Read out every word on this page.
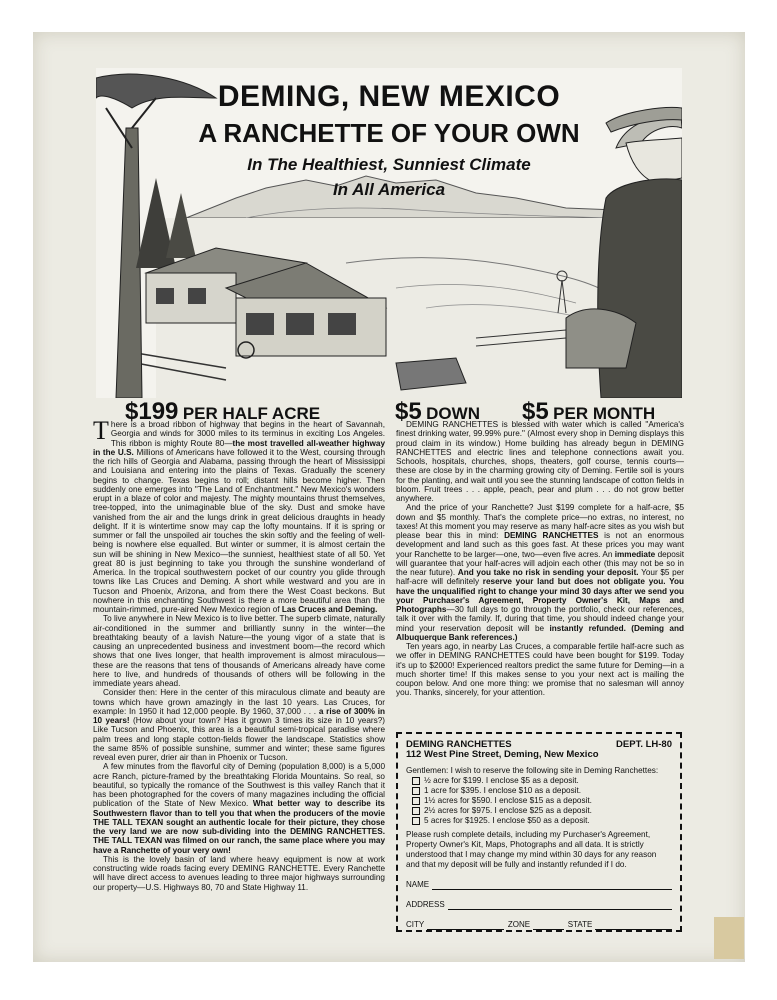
DEMING, NEW MEXICO
A RANCHETTE OF YOUR OWN
In The Healthiest, Sunniest Climate
In All America
$199 PER HALF ACRE	$5 DOWN $5 PER MONTH

There is a broad ribbon of highway that begins in the heart of Savannah, Georgia and winds for 3000 miles to its terminus in exciting Los Angeles. This ribbon is mighty Route 80—the most travelled all-weather highway in the U.S. Millions of Americans have followed it to the West, coursing through the rich hills of Georgia and Alabama, passing through the heart of Mississippi and Louisiana and entering into the plains of Texas. Gradually the scenery begins to change. Texas begins to roll; distant hills become higher. Then suddenly one emerges into "The Land of Enchantment." New Mexico's wonders erupt in a blaze of color and majesty. The mighty mountains thrust themselves, tree-topped, into the unimaginable blue of the sky. Dust and smoke have vanished from the air and the lungs drink in great delicious draughts in heady delight. If it is wintertime snow may cap the lofty mountains. If it is spring or summer or fall the unspoiled air touches the skin softly and the feeling of well-being is nowhere else equalled. But winter or summer, it is almost certain the sun will be shining in New Mexico—the sunniest, healthiest state of all 50. Yet great 80 is just beginning to take you through the sunshine wonderland of America. In the tropical southwestern pocket of our country you glide through towns like Las Cruces and Deming. A short while westward and you are in Tucson and Phoenix, Arizona, and from there the West Coast beckons. But nowhere in this enchanting Southwest is there a more beautiful area than the mountain-rimmed, pure-aired New Mexico region of Las Cruces and Deming.

To live anywhere in New Mexico is to live better. The superb climate, naturally air-conditioned in the summer and brilliantly sunny in the winter—the breathtaking beauty of a lavish Nature—the young vigor of a state that is causing an unprecedented business and investment boom—the record which shows that one lives longer, that health improvement is almost miraculous—these are the reasons that tens of thousands of Americans already have come here to live, and hundreds of thousands of others will be following in the immediate years ahead.

Consider then: Here in the center of this miraculous climate and beauty are towns which have grown amazingly in the last 10 years. Las Cruces, for example: In 1950 it had 12,000 people. By 1960, 37,000 . . . a rise of 300% in 10 years! (How about your town? Has it grown 3 times its size in 10 years?) Like Tucson and Phoenix, this area is a beautiful semi-tropical paradise where palm trees and long staple cotton-fields flower the landscape. Statistics show the same 85% of possible sunshine, summer and winter; these same figures reveal even purer, drier air than in Phoenix or Tucson.

A few minutes from the flavorful city of Deming (population 8,000) is a 5,000 acre Ranch, picture-framed by the breathtaking Florida Mountains. So real, so beautiful, so typically the romance of the Southwest is this valley Ranch that it has been photographed for the covers of many magazines including the official publication of the State of New Mexico. What better way to describe its Southwestern flavor than to tell you that when the producers of the movie THE TALL TEXAN sought an authentic locale for their picture, they chose the very land we are now sub-dividing into the DEMING RANCHETTES. THE TALL TEXAN was filmed on our ranch, the same place where you may have a Ranchette of your very own!

This is the lovely basin of land where heavy equipment is now at work constructing wide roads facing every DEMING RANCHETTE. Every Ranchette will have direct access to avenues leading to three major highways surrounding our property—U.S. Highways 80, 70 and State Highway 11.

DEMING RANCHETTES is blessed with water which is called "America's finest drinking water, 99.99% pure." (Almost every shop in Deming displays this proud claim in its window.) Home building has already begun in DEMING RANCHETTES and electric lines and telephone connections await you. Schools, hospitals, churches, shops, theaters, golf course, tennis courts—these are close by in the charming growing city of Deming. Fertile soil is yours for the planting, and wait until you see the stunning landscape of cotton fields in bloom. Fruit trees . . . apple, peach, pear and plum . . . do not grow better anywhere.

And the price of your Ranchette? Just $199 complete for a half-acre, $5 down and $5 monthly. That's the complete price—no extras, no interest, no taxes! At this moment you may reserve as many half-acre sites as you wish but please bear this in mind: DEMING RANCHETTES is not an enormous development and land such as this goes fast. At these prices you may want your Ranchette to be larger—one, two—even five acres. An immediate deposit will guarantee that your half-acres will adjoin each other (this may not be so in the near future). And you take no risk in sending your deposit. Your $5 per half-acre will definitely reserve your land but does not obligate you. You have the unqualified right to change your mind 30 days after we send you your Purchaser's Agreement, Property Owner's Kit, Maps and Photographs—30 full days to go through the portfolio, check our references, talk it over with the family. If, during that time, you should indeed change your mind your reservation deposit will be instantly refunded. (Deming and Albuquerque Bank references.)

Ten years ago, in nearby Las Cruces, a comparable fertile half-acre such as we offer in DEMING RANCHETTES could have been bought for $199. Today it's up to $2000! Experienced realtors predict the same future for Deming—in a much shorter time! If this makes sense to you your next act is mailing the coupon below. And one more thing: we promise that no salesman will annoy you. Thanks, sincerely, for your attention.

DEMING RANCHETTES	DEPT. LH-80
112 West Pine Street, Deming, New Mexico
Gentlemen: I wish to reserve the following site in Deming Ranchettes:
½ acre for $199. I enclose $5 as a deposit.
1 acre for $395. I enclose $10 as a deposit.
1½ acres for $590. I enclose $15 as a deposit.
2½ acres for $975. I enclose $25 as a deposit.
5 acres for $1925. I enclose $50 as a deposit.
Please rush complete details, including my Purchaser's Agreement, Property Owner's Kit, Maps, Photographs and all data. It is strictly understood that I may change my mind within 30 days for any reason and that my deposit will be fully and instantly refunded if I do.
NAME
ADDRESS
CITY	ZONE	STATE
